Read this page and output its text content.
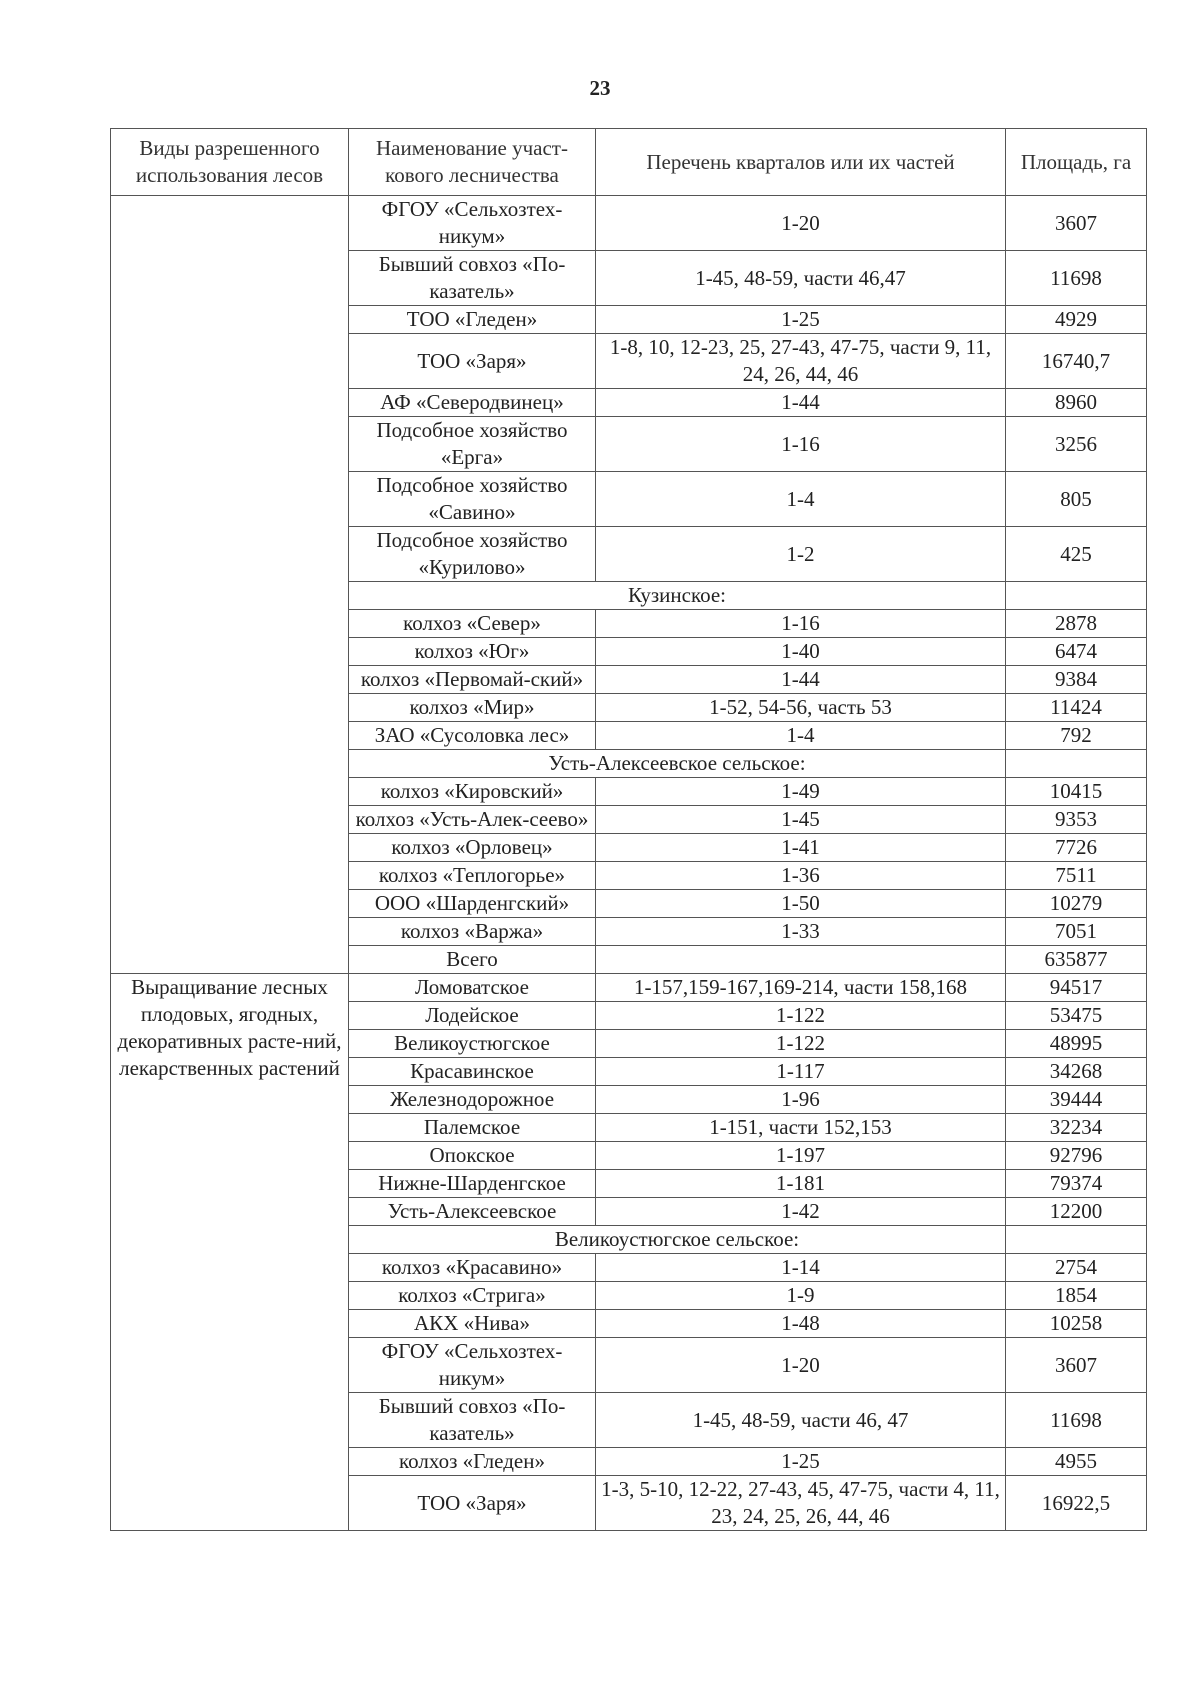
23
Виды разрешенного использования лесов	Наименование участ-кового лесничества	Перечень кварталов или их частей	Площадь, га
	ФГОУ «Сельхозтех-никум»	1-20	3607
	Бывший совхоз «По-казатель»	1-45, 48-59, части 46,47	11698
	ТОО «Гледен»	1-25	4929
	ТОО «Заря»	1-8, 10, 12-23, 25, 27-43, 47-75, части 9, 11, 24, 26, 44, 46	16740,7
	АФ «Северодвинец»	1-44	8960
	Подсобное хозяйство «Ерга»	1-16	3256
	Подсобное хозяйство «Савино»	1-4	805
	Подсобное хозяйство «Курилово»	1-2	425
	Кузинское:		
	колхоз «Север»	1-16	2878
	колхоз «Юг»	1-40	6474
	колхоз «Первомай-ский»	1-44	9384
	колхоз «Мир»	1-52, 54-56, часть 53	11424
	ЗАО «Сусоловка лес»	1-4	792
	Усть-Алексеевское сельское:		
	колхоз «Кировский»	1-49	10415
	колхоз «Усть-Алек-сеево»	1-45	9353
	колхоз «Орловец»	1-41	7726
	колхоз «Теплогорье»	1-36	7511
	ООО «Шарденгский»	1-50	10279
	колхоз «Варжа»	1-33	7051
	Всего		635877
Выращивание лесных плодовых, ягодных, декоративных расте-ний, лекарственных растений	Ломоватское	1-157,159-167,169-214, части 158,168	94517
	Лодейское	1-122	53475
	Великоустюгское	1-122	48995
	Красавинское	1-117	34268
	Железнодорожное	1-96	39444
	Палемское	1-151, части 152,153	32234
	Опокское	1-197	92796
	Нижне-Шарденгское	1-181	79374
	Усть-Алексеевское	1-42	12200
	Великоустюгское сельское:		
	колхоз «Красавино»	1-14	2754
	колхоз «Стрига»	1-9	1854
	АКХ «Нива»	1-48	10258
	ФГОУ «Сельхозтех-никум»	1-20	3607
	Бывший совхоз «По-казатель»	1-45, 48-59, части 46, 47	11698
	колхоз «Гледен»	1-25	4955
	ТОО «Заря»	1-3, 5-10, 12-22, 27-43, 45, 47-75, части 4, 11, 23, 24, 25, 26, 44, 46	16922,5
